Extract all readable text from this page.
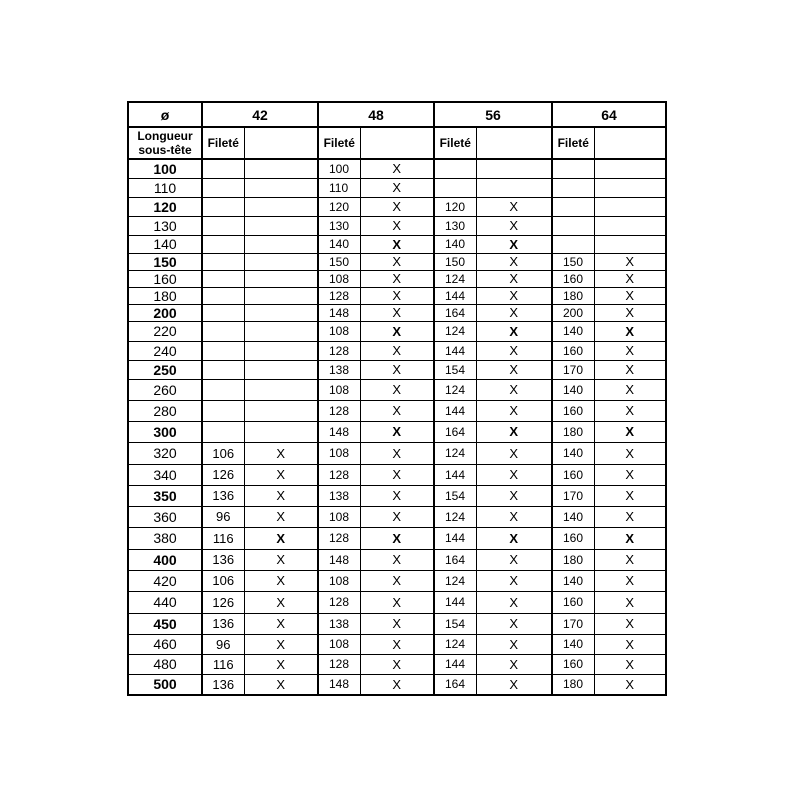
ø	42		48		56		64	
Longueur sous-tête	Fileté		Fileté		Fileté		Fileté	
100			100	X				
110			110	X				
120			120	X	120	X		
130			130	X	130	X		
140			140	X	140	X		
150			150	X	150	X	150	X
160			108	X	124	X	160	X
180			128	X	144	X	180	X
200			148	X	164	X	200	X
220			108	X	124	X	140	X
240			128	X	144	X	160	X
250			138	X	154	X	170	X
260			108	X	124	X	140	X
280			128	X	144	X	160	X
300			148	X	164	X	180	X
320	106	X	108	X	124	X	140	X
340	126	X	128	X	144	X	160	X
350	136	X	138	X	154	X	170	X
360	96	X	108	X	124	X	140	X
380	116	X	128	X	144	X	160	X
400	136	X	148	X	164	X	180	X
420	106	X	108	X	124	X	140	X
440	126	X	128	X	144	X	160	X
450	136	X	138	X	154	X	170	X
460	96	X	108	X	124	X	140	X
480	116	X	128	X	144	X	160	X
500	136	X	148	X	164	X	180	X
